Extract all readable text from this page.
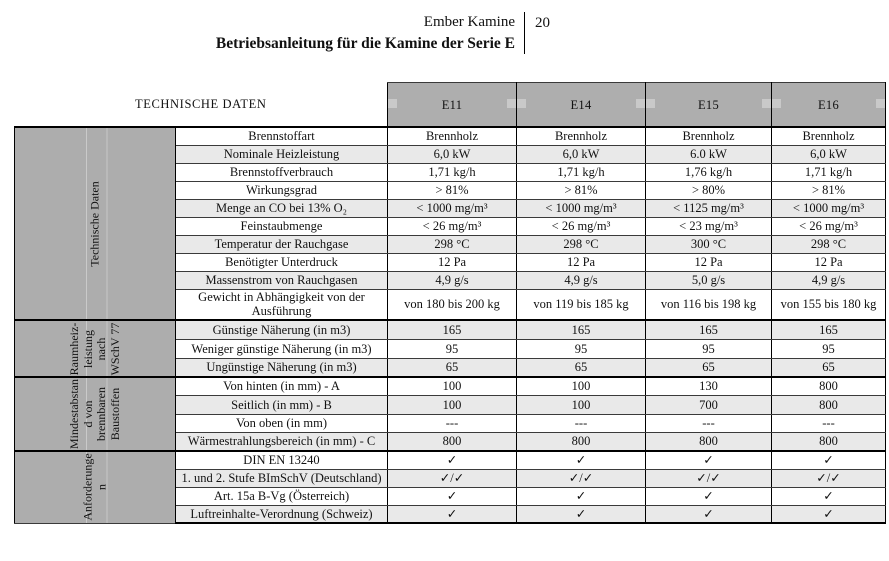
Ember Kamine
Betriebsanleitung für die Kamine der Serie E
20
TECHNISCHE DATEN		E11	E14	E15	E16

Technische Daten	Brennstoffart	Brennholz	Brennholz	Brennholz	Brennholz
	Nominale Heizleistung	6,0 kW	6,0 kW	6.0 kW	6,0 kW
	Brennstoffverbrauch	1,71 kg/h	1,71 kg/h	1,76 kg/h	1,71 kg/h
	Wirkungsgrad	> 81%	> 81%	> 80%	> 81%
	Menge an CO bei 13% O₂	< 1000 mg/m³	< 1000 mg/m³	< 1125 mg/m³	< 1000 mg/m³
	Feinstaubmenge	< 26 mg/m³	< 26 mg/m³	< 23 mg/m³	< 26 mg/m³
	Temperatur der Rauchgase	298 °C	298 °C	300 °C	298 °C
	Benötigter Unterdruck	12 Pa	12 Pa	12 Pa	12 Pa
	Massenstrom von Rauchgasen	4,9 g/s	4,9 g/s	5,0 g/s	4,9 g/s
	Gewicht in Abhängigkeit von der Ausführung	von 180 bis 200 kg	von 119 bis 185 kg	von 116 bis 198 kg	von 155 bis 180 kg

Raumheiz- leistung nach WSchV 77	Günstige Näherung (in m3)	165	165	165	165
	Weniger günstige Näherung (in m3)	95	95	95	95
	Ungünstige Näherung (in m3)	65	65	65	65

Mindestabstan d von brennbaren Baustoffen	Von hinten (in mm) - A	100	100	130	800
	Seitlich (in mm) - B	100	100	700	800
	Von oben (in mm)	---	---	---	---
	Wärmestrahlungsbereich (in mm) - C	800	800	800	800

Anforderunge n	DIN EN 13240	✓	✓	✓	✓
	1. und 2. Stufe BImSchV (Deutschland)	✓/✓	✓/✓	✓/✓	✓/✓
	Art. 15a B-Vg (Österreich)	✓	✓	✓	✓
	Luftreinhalte-Verordnung (Schweiz)	✓	✓	✓	✓
